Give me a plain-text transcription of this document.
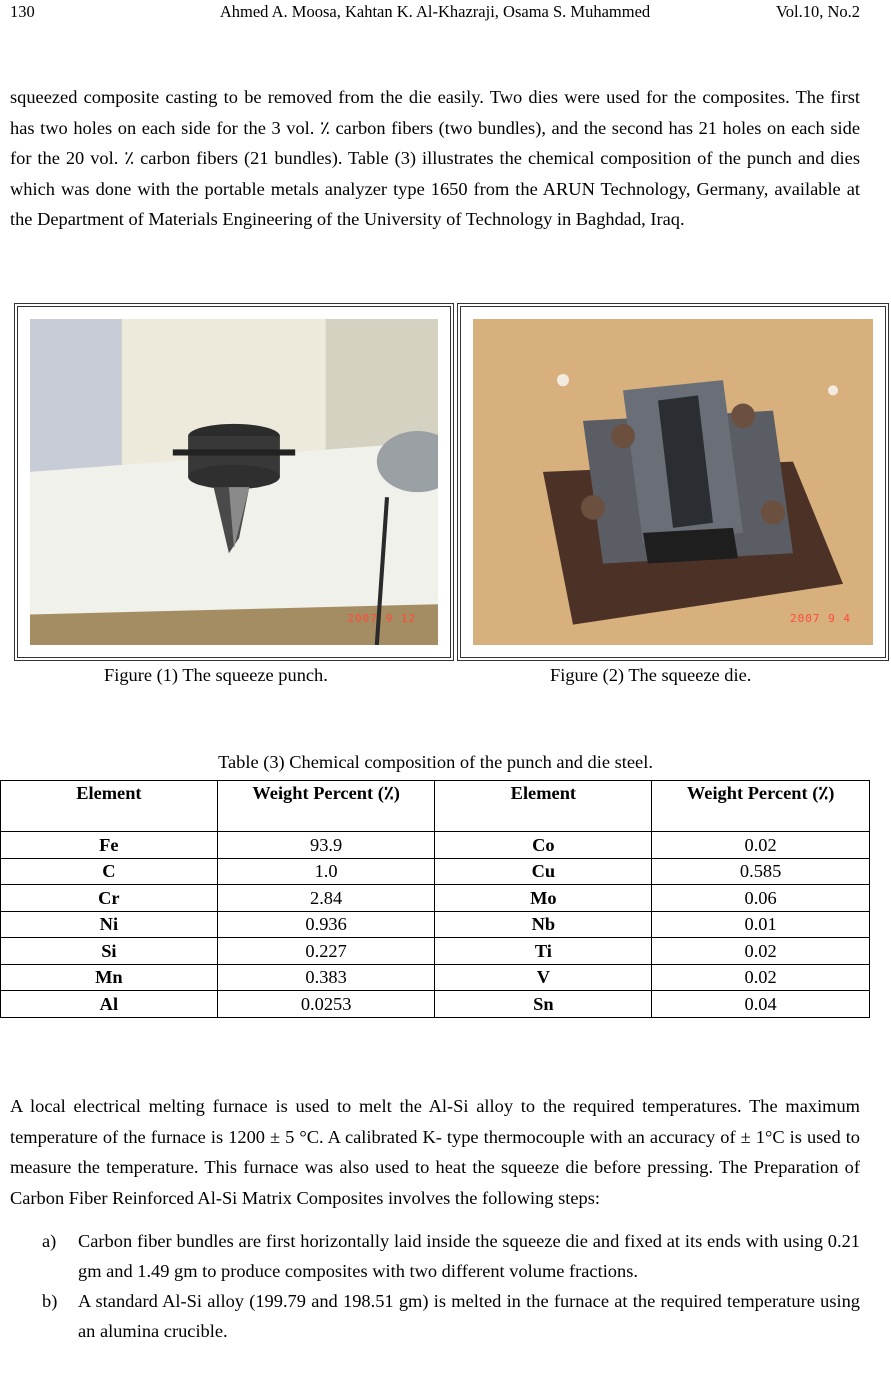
130	Ahmed A. Moosa, Kahtan K. Al-Khazraji, Osama S. Muhammed	Vol.10, No.2

squeezed composite casting to be removed from the die easily. Two dies were used for the composites. The first has two holes on each side for the 3 vol. ٪ carbon fibers (two bundles), and the second has 21 holes on each side for the 20 vol. ٪ carbon fibers (21 bundles). Table (3) illustrates the chemical composition of the punch and dies which was done with the portable metals analyzer type 1650 from the ARUN Technology, Germany, available at the Department of Materials Engineering of the University of Technology in Baghdad, Iraq.

2007 9 12	2007 9 4
Figure (1) The squeeze punch.	Figure (2) The squeeze die.
Table (3) Chemical composition of the punch and die steel.
Element	Weight Percent (٪)	Element	Weight Percent (٪)
Fe	93.9	Co	0.02
C	1.0	Cu	0.585
Cr	2.84	Mo	0.06
Ni	0.936	Nb	0.01
Si	0.227	Ti	0.02
Mn	0.383	V	0.02
Al	0.0253	Sn	0.04

A local electrical melting furnace is used to melt the Al-Si alloy to the required temperatures. The maximum temperature of the furnace is 1200 ± 5 °C. A calibrated K- type thermocouple with an accuracy of ± 1°C is used to measure the temperature. This furnace was also used to heat the squeeze die before pressing. The Preparation of Carbon Fiber Reinforced Al-Si Matrix Composites involves the following steps:

a) Carbon fiber bundles are first horizontally laid inside the squeeze die and fixed at its ends with using 0.21 gm and 1.49 gm to produce composites with two different volume fractions.
b) A standard Al-Si alloy (199.79 and 198.51 gm) is melted in the furnace at the required temperature using an alumina crucible.
